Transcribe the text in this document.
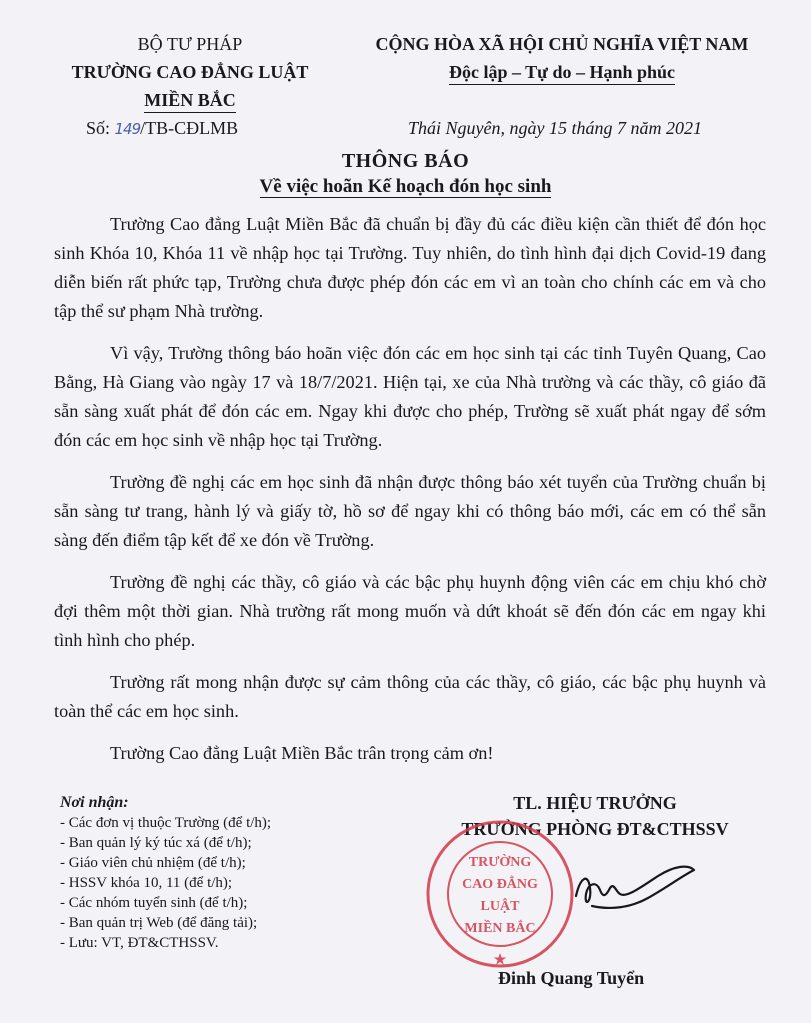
BỘ TƯ PHÁP
TRƯỜNG CAO ĐẲNG LUẬT
MIỀN BẮC
CỘNG HÒA XÃ HỘI CHỦ NGHĨA VIỆT NAM
Độc lập – Tự do – Hạnh phúc
Số: 149/TB-CĐLMB	Thái Nguyên, ngày 15 tháng 7 năm 2021
THÔNG BÁO
Về việc hoãn Kế hoạch đón học sinh

Trường Cao đẳng Luật Miền Bắc đã chuẩn bị đầy đủ các điều kiện cần thiết để đón học sinh Khóa 10, Khóa 11 về nhập học tại Trường. Tuy nhiên, do tình hình đại dịch Covid-19 đang diễn biến rất phức tạp, Trường chưa được phép đón các em vì an toàn cho chính các em và cho tập thể sư phạm Nhà trường.

Vì vậy, Trường thông báo hoãn việc đón các em học sinh tại các tỉnh Tuyên Quang, Cao Bằng, Hà Giang vào ngày 17 và 18/7/2021. Hiện tại, xe của Nhà trường và các thầy, cô giáo đã sẵn sàng xuất phát để đón các em. Ngay khi được cho phép, Trường sẽ xuất phát ngay để sớm đón các em học sinh về nhập học tại Trường.

Trường đề nghị các em học sinh đã nhận được thông báo xét tuyển của Trường chuẩn bị sẵn sàng tư trang, hành lý và giấy tờ, hồ sơ để ngay khi có thông báo mới, các em có thể sẵn sàng đến điểm tập kết để xe đón về Trường.

Trường đề nghị các thầy, cô giáo và các bậc phụ huynh động viên các em chịu khó chờ đợi thêm một thời gian. Nhà trường rất mong muốn và dứt khoát sẽ đến đón các em ngay khi tình hình cho phép.

Trường rất mong nhận được sự cảm thông của các thầy, cô giáo, các bậc phụ huynh và toàn thể các em học sinh.

Trường Cao đẳng Luật Miền Bắc trân trọng cảm ơn!

Nơi nhận:
- Các đơn vị thuộc Trường (để t/h);
- Ban quản lý ký túc xá (để t/h);
- Giáo viên chủ nhiệm (để t/h);
- HSSV khóa 10, 11 (để t/h);
- Các nhóm tuyển sinh (để t/h);
- Ban quản trị Web (để đăng tải);
- Lưu: VT, ĐT&CTHSSV.
TL. HIỆU TRƯỞNG
TRƯỞNG PHÒNG ĐT&CTHSSV
TRƯỜNG
CAO ĐẲNG
LUẬT
MIỀN BẮC
★
Đinh Quang Tuyển
